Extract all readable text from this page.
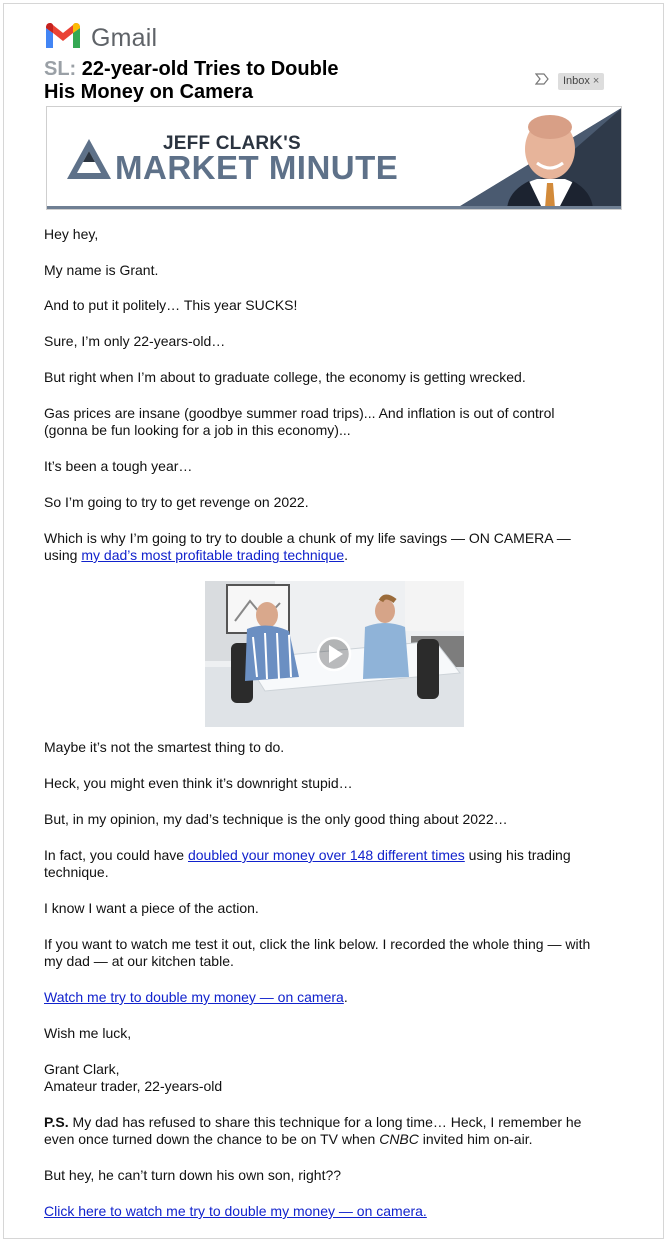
Gmail
SL: 22-year-old Tries to Double
His Money on Camera
Inbox ×
JEFF CLARK'S
MARKET MINUTE
Hey hey,
My name is Grant.
And to put it politely… This year SUCKS!
Sure, I’m only 22-years-old…
But right when I’m about to graduate college, the economy is getting wrecked.
Gas prices are insane (goodbye summer road trips)... And inflation is out of control
(gonna be fun looking for a job in this economy)...
It’s been a tough year…
So I’m going to try to get revenge on 2022.
Which is why I’m going to try to double a chunk of my life savings — ON CAMERA —
using my dad’s most profitable trading technique.
Maybe it’s not the smartest thing to do.
Heck, you might even think it’s downright stupid…
But, in my opinion, my dad’s technique is the only good thing about 2022…
In fact, you could have doubled your money over 148 different times using his trading
technique.
I know I want a piece of the action.
If you want to watch me test it out, click the link below. I recorded the whole thing — with
my dad — at our kitchen table.
Watch me try to double my money — on camera.
Wish me luck,
Grant Clark,
Amateur trader, 22-years-old
P.S. My dad has refused to share this technique for a long time… Heck, I remember he
even once turned down the chance to be on TV when CNBC invited him on-air.
But hey, he can’t turn down his own son, right??
Click here to watch me try to double my money — on camera.
